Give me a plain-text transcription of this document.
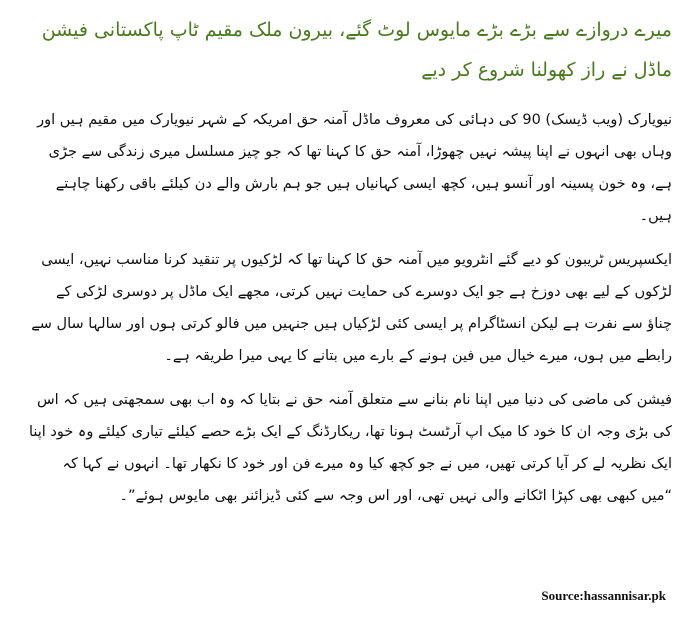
میرے دروازے سے بڑے بڑے مایوس لوٹ گئے، بیرون ملک مقیم ٹاپ پاکستانی فیشن ماڈل نے راز کھولنا شروع کر دیے

نیویارک (ویب ڈیسک) 90 کی دہائی کی معروف ماڈل آمنہ حق امریکہ کے شہر نیویارک میں مقیم ہیں اور وہاں بھی انہوں نے اپنا پیشہ نہیں چھوڑا، آمنہ حق کا کہنا تھا کہ جو چیز مسلسل میری زندگی سے جڑی ہے، وہ خون پسینہ اور آنسو ہیں، کچھ ایسی کہانیاں ہیں جو ہم بارش والے دن کیلئے باقی رکھنا چاہتے ہیں۔

ایکسپریس ٹریبون کو دیے گئے انٹرویو میں آمنہ حق کا کہنا تھا کہ لڑکیوں پر تنقید کرنا مناسب نہیں، ایسی لڑکوں کے لیے بھی دوزخ ہے جو ایک دوسرے کی حمایت نہیں کرتی، مجھے ایک ماڈل پر دوسری لڑکی کے چناؤ سے نفرت ہے لیکن انسٹاگرام پر ایسی کئی لڑکیاں ہیں جنہیں میں فالو کرتی ہوں اور سالہا سال سے رابطے میں ہوں، میرے خیال میں فین ہونے کے بارے میں بتانے کا یہی میرا طریقہ ہے۔

فیشن کی ماضی کی دنیا میں اپنا نام بنانے سے متعلق آمنہ حق نے بتایا کہ وہ اب بھی سمجھتی ہیں کہ اس کی بڑی وجہ ان کا خود کا میک اپ آرٹسٹ ہونا تھا، ریکارڈنگ کے ایک بڑے حصے کیلئے تیاری کیلئے وہ خود اپنا ایک نظریہ لے کر آیا کرتی تھیں، میں نے جو کچھ کیا وہ میرے فن اور خود کا نکھار تھا۔ انہوں نے کہا کہ “میں کبھی بھی کپڑا اٹکانے والی نہیں تھی، اور اس وجہ سے کئی ڈیزائنر بھی مایوس ہوئے”۔

Source:hassannisar.pk
